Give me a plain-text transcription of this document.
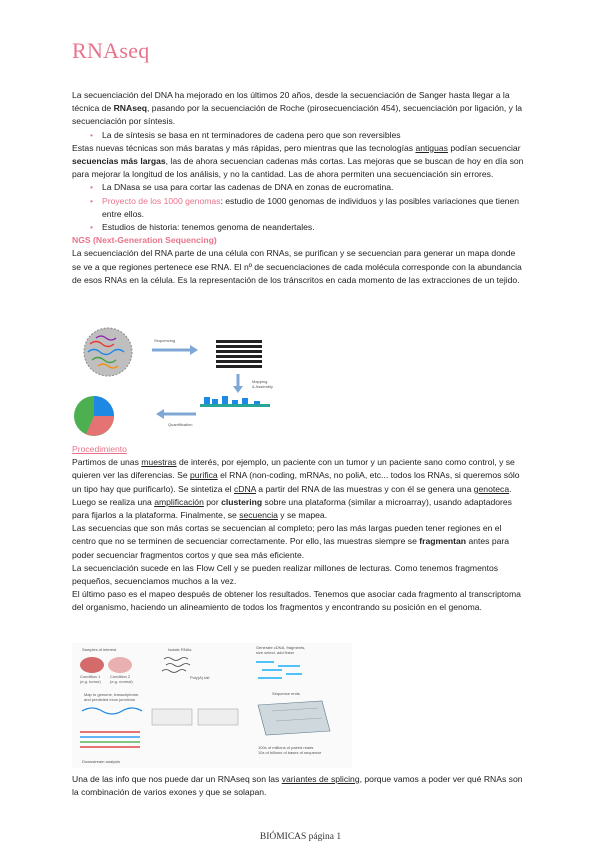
RNAseq

La secuenciación del DNA ha mejorado en los últimos 20 años, desde la secuenciación de Sanger hasta llegar a la técnica de RNAseq, pasando por la secuenciación de Roche (pirosecuenciación 454), secuenciación por ligación, y la secuenciación por síntesis.

• La de síntesis se basa en nt terminadores de cadena pero que son reversibles

Estas nuevas técnicas son más baratas y más rápidas, pero mientras que las tecnologías antiguas podían secuenciar secuencias más largas, las de ahora secuencian cadenas más cortas. Las mejoras que se buscan de hoy en día son para mejorar la longitud de los análisis, y no la cantidad. Las de ahora permiten una secuenciación sin errores.

• La DNasa se usa para cortar las cadenas de DNA en zonas de eucromatina.
• Proyecto de los 1000 genomas: estudio de 1000 genomas de individuos y las posibles variaciones que tienen entre ellos.
• Estudios de historia: tenemos genoma de neandertales.

NGS (Next-Generation Sequencing)

La secuenciación del RNA parte de una célula con RNAs, se purifican y se secuencian para generar un mapa donde se ve a que regiones pertenece ese RNA. El nº de secuenciaciones de cada molécula corresponde con la abundancia de esos RNAs en la célula. Es la representación de los tránscritos en cada momento de las extracciones de un tejido.

Sequencing
Mapping
& Assembly
Quantification

Procedimiento

Partimos de unas muestras de interés, por ejemplo, un paciente con un tumor y un paciente sano como control, y se quieren ver las diferencias. Se purifica el RNA (non-coding, mRNAs, no poliA, etc... todos los RNAs, si queremos sólo un tipo hay que purificarlo). Se sintetiza el cDNA a partir del RNA de las muestras y con él se genera una genoteca. Luego se realiza una amplificación por clustering sobre una plataforma (similar a microarray), usando adaptadores para fijarlos a la plataforma. Finalmente, se secuencia y se mapea.

Las secuencias que son más cortas se secuencian al completo; pero las más largas pueden tener regiones en el centro que no se terminen de secuenciar correctamente. Por ello, las muestras siempre se fragmentan antes para poder secuenciar fragmentos cortos y que sea más eficiente.

La secuenciación sucede en las Flow Cell y se pueden realizar millones de lecturas. Como tenemos fragmentos pequeños, secuenciamos muchos a la vez.

El último paso es el mapeo después de obtener los resultados. Tenemos que asociar cada fragmento al transcriptoma del organismo, haciendo un alineamiento de todos los fragmentos y encontrando su posición en el genoma.

Samples of interest
Condition 1
(e.g. tumor)
Condition 2
(e.g. normal)
Isolate RNAs
Poly(A) tail
Generate cDNA, fragments,
size select, add linker
Map to genome, transcriptome,
and predicted exon junctions
Sequence ends
100s of millions of paired reads
10s of billions of bases of sequence
Downstream analysis

Una de las info que nos puede dar un RNAseq son las variantes de splicing, porque vamos a poder ver qué RNAs son la combinación de varios exones y que se solapan.

BIÓMICAS página 1
